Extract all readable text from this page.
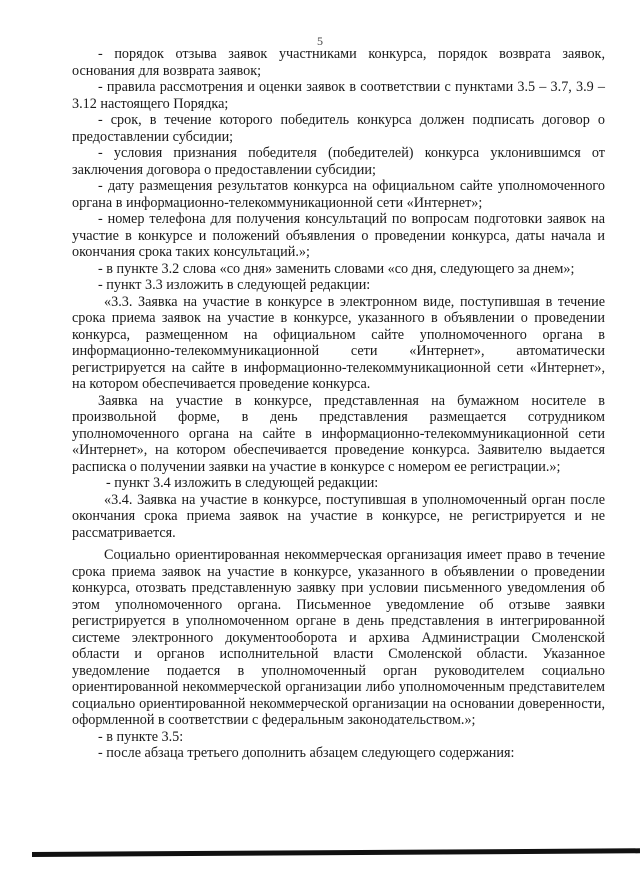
5

- порядок отзыва заявок участниками конкурса, порядок возврата заявок, основания для возврата заявок;

- правила рассмотрения и оценки заявок в соответствии с пунктами 3.5 – 3.7, 3.9 – 3.12 настоящего Порядка;

- срок, в течение которого победитель конкурса должен подписать договор о предоставлении субсидии;

- условия признания победителя (победителей) конкурса уклонившимся от заключения договора о предоставлении субсидии;

- дату размещения результатов конкурса на официальном сайте уполномоченного органа в информационно-телекоммуникационной сети «Интернет»;

- номер телефона для получения консультаций по вопросам подготовки заявок на участие в конкурсе и положений объявления о проведении конкурса, даты начала и окончания срока таких консультаций.»;

- в пункте 3.2 слова «со дня» заменить словами «со дня, следующего за днем»;

- пункт 3.3 изложить в следующей редакции:

«3.3. Заявка на участие в конкурсе в электронном виде, поступившая в течение срока приема заявок на участие в конкурсе, указанного в объявлении о проведении конкурса, размещенном на официальном сайте уполномоченного органа в информационно-телекоммуникационной сети «Интернет», автоматически регистрируется на сайте в информационно-телекоммуникационной сети «Интернет», на котором обеспечивается проведение конкурса.

Заявка на участие в конкурсе, представленная на бумажном носителе в произвольной форме, в день представления размещается сотрудником уполномоченного органа на сайте в информационно-телекоммуникационной сети «Интернет», на котором обеспечивается проведение конкурса. Заявителю выдается расписка о получении заявки на участие в конкурсе с номером ее регистрации.»;

- пункт 3.4 изложить в следующей редакции:

«3.4. Заявка на участие в конкурсе, поступившая в уполномоченный орган после окончания срока приема заявок на участие в конкурсе, не регистрируется и не рассматривается.

Социально ориентированная некоммерческая организация имеет право в течение срока приема заявок на участие в конкурсе, указанного в объявлении о проведении конкурса, отозвать представленную заявку при условии письменного уведомления об этом уполномоченного органа. Письменное уведомление об отзыве заявки регистрируется в уполномоченном органе в день представления в интегрированной системе электронного документооборота и архива Администрации Смоленской области и органов исполнительной власти Смоленской области. Указанное уведомление подается в уполномоченный орган руководителем социально ориентированной некоммерческой организации либо уполномоченным представителем социально ориентированной некоммерческой организации на основании доверенности, оформленной в соответствии с федеральным законодательством.»;

- в пункте 3.5:

- после абзаца третьего дополнить абзацем следующего содержания:
